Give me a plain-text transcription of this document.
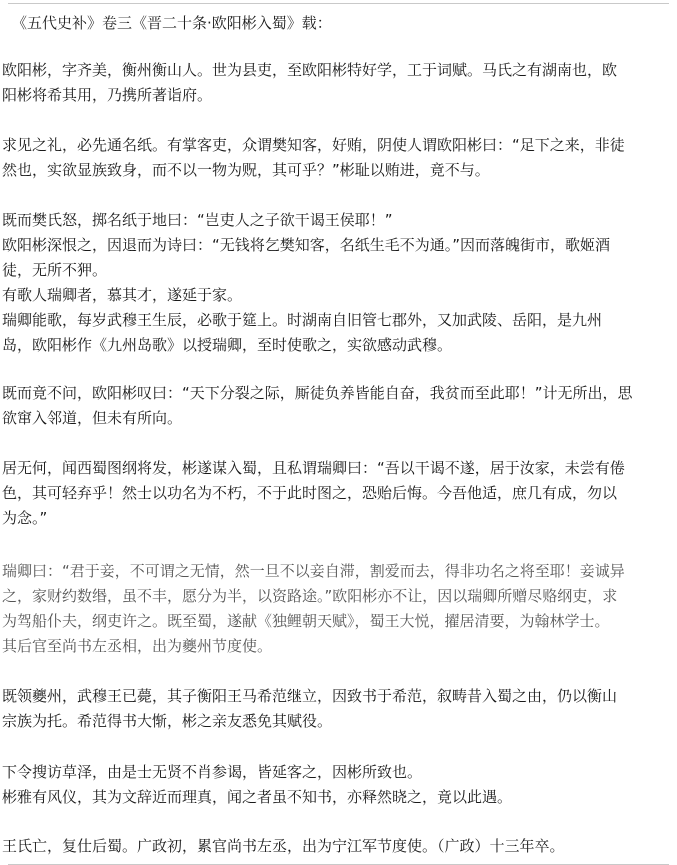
《五代史补》卷三《晋二十条·欧阳彬入蜀》载：

欧阳彬，字齐美，衡州衡山人。世为县吏，至欧阳彬特好学，工于词赋。马氏之有湖南也，欧
阳彬将希其用，乃携所著诣府。

求见之礼，必先通名纸。有掌客吏，众谓樊知客，好贿，阴使人谓欧阳彬曰：“足下之来，非徒
然也，实欲显族致身，而不以一物为贶，其可乎？”彬耻以贿进，竟不与。

既而樊氏怒，掷名纸于地曰：“岂吏人之子欲干谒王侯耶！”
欧阳彬深恨之，因退而为诗曰：“无钱将乞樊知客，名纸生毛不为通。”因而落魄街市，歌姬酒
徒，无所不狎。
有歌人瑞卿者，慕其才，遂延于家。
瑞卿能歌，每岁武穆王生辰，必歌于筵上。时湖南自旧管七郡外，又加武陵、岳阳，是九州
岛，欧阳彬作《九州岛歌》以授瑞卿，至时使歌之，实欲感动武穆。

既而竟不问，欧阳彬叹曰：“天下分裂之际，厮徒负养皆能自奋，我贫而至此耶！”计无所出，思
欲窜入邻道，但未有所向。

居无何，闻西蜀图纲将发，彬遂谋入蜀，且私谓瑞卿曰：“吾以干谒不遂，居于汝家，未尝有倦
色，其可轻弃乎！然士以功名为不朽，不于此时图之，恐贻后悔。今吾他适，庶几有成，勿以
为念。”

瑞卿曰：“君于妾，不可谓之无情，然一旦不以妾自滞，割爱而去，得非功名之将至耶！妾诚异
之，家财约数缗，虽不丰，愿分为半，以资路途。”欧阳彬亦不让，因以瑞卿所赠尽赂纲吏，求
为驾船仆夫，纲吏许之。既至蜀，遂献《独鲤朝天赋》，蜀王大悦，擢居清要，为翰林学士。
其后官至尚书左丞相，出为夔州节度使。

既领夔州，武穆王已薨，其子衡阳王马希范继立，因致书于希范，叙畴昔入蜀之由，仍以衡山
宗族为托。希范得书大惭，彬之亲友悉免其赋役。

下令搜访草泽，由是士无贤不肖参谒，皆延客之，因彬所致也。
彬雅有风仪，其为文辞近而理真，闻之者虽不知书，亦释然晓之，竟以此遇。

王氏亡，复仕后蜀。广政初，累官尚书左丞，出为宁江军节度使。（广政）十三年卒。
